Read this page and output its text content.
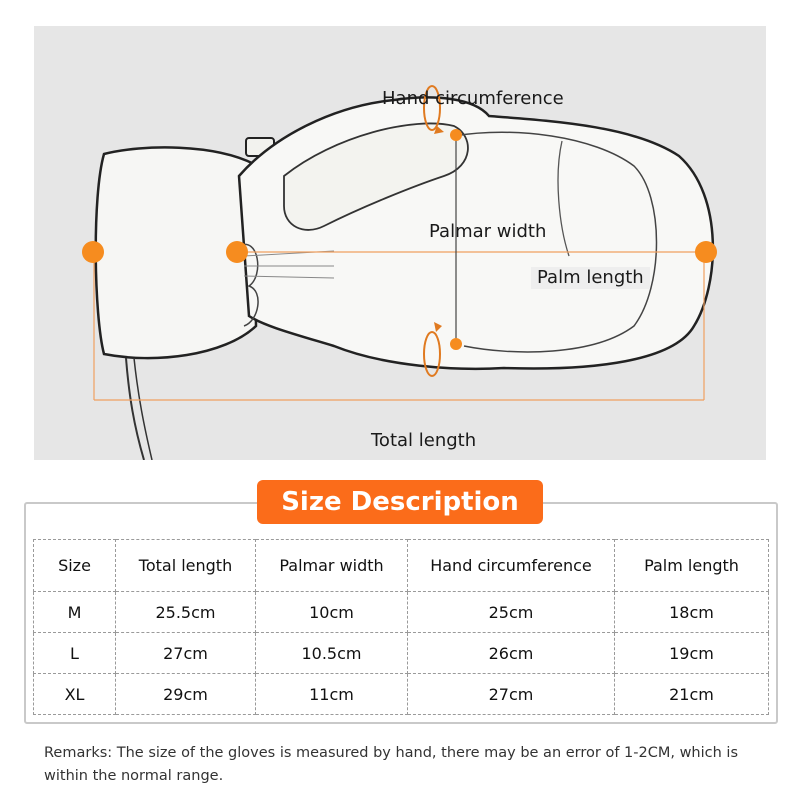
Hand circumference
Palmar width
Palm length
Total length
Size Description
Size	Total length	Palmar width	Hand circumference	Palm length
M	25.5cm	10cm	25cm	18cm
L	27cm	10.5cm	26cm	19cm
XL	29cm	11cm	27cm	21cm
Remarks: The size of the gloves is measured by hand, there may be an error of 1-2CM, which is within the normal range.
